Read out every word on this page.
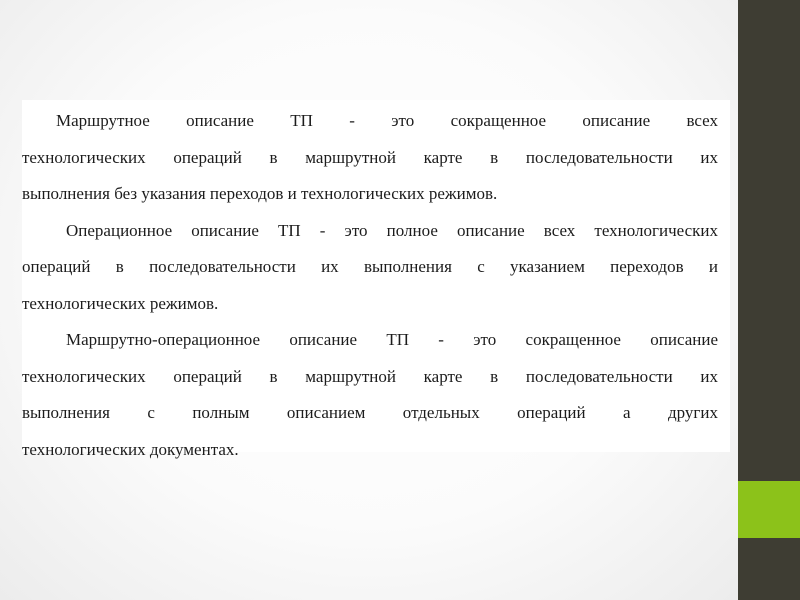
Маршрутное описание ТП - это сокращенное описание всех
технологических операций в маршрутной карте в последовательности их
выполнения без указания переходов и технологических режимов.

Операционное описание ТП - это полное описание всех технологических
операций в последовательности их выполнения с указанием переходов и
технологических режимов.

Маршрутно-операционное описание ТП - это сокращенное описание
технологических операций в маршрутной карте в последовательности их
выполнения с полным описанием отдельных операций а других
технологических документах.
